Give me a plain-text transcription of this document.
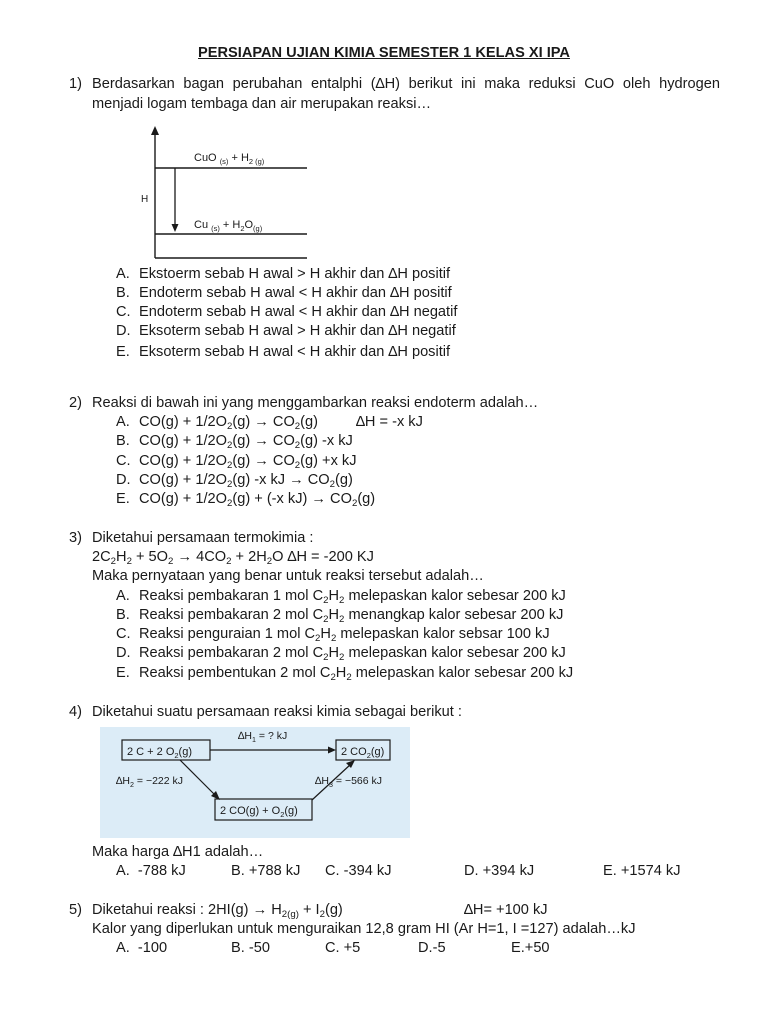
PERSIAPAN UJIAN KIMIA SEMESTER 1 KELAS XI IPA
1) Berdasarkan bagan perubahan entalphi (∆H) berikut ini maka reduksi CuO oleh hydrogen
menjadi logam tembaga dan air merupakan reaksi…
H
CuO $_{(s)} + H_2$ (g)
Cu $_{(s)} + H_2O_{(g)}$
A. Ekstoerm sebab H awal > H akhir dan ∆H positif
B. Endoterm sebab H awal < H akhir dan ∆H positif
C. Endoterm sebab H awal < H akhir dan ∆H negatif
D. Eksoterm sebab H awal > H akhir dan ∆H negatif
E. Eksoterm sebab H awal < H akhir dan ∆H positif
2) Reaksi di bawah ini yang menggambarkan reaksi endoterm adalah…
A. $CO(g) + 1/2O_2(g) \to CO_2(g)$	∆H = -x kJ
B. $CO(g) + 1/2O_2(g) \to CO_2(g)$ -x kJ
C. $CO(g) + 1/2O_2(g) \to CO_2(g) +x$ kJ
D. $CO(g) + 1/2O_2(g)$ -x kJ → $CO_2(g)$
E. $CO(g) + 1/2O_2(g) + (-x$ $kJ) \to CO_2(g)$
3) Diketahui persamaan termokimia :
$2C_2H_2 + 5O_2 \to 4CO_2 + 2H_2O$ ∆H = -200 KJ
Maka pernyataan yang benar untuk reaksi tersebut adalah…
A. Reaksi pembakaran 1 mol $C_2H_2$ melepaskan kalor sebesar 200 kJ
B. Reaksi pembakaran 2 mol $C_2H_2$ menangkap kalor sebesar 200 kJ
C. Reaksi penguraian 1 mol $C_2H_2$ melepaskan kalor sebsar 100 kJ
D. Reaksi pembakaran 2 mol $C_2H_2$ melepaskan kalor sebesar 200 kJ
E. Reaksi pembentukan 2 mol $C_2H_2$ melepaskan kalor sebesar 200 kJ
4) Diketahui suatu persamaan reaksi kimia sebagai berikut :
2 C + 2 $O_2(g)$	2 $CO_2(g)$
2 $CO(g) + O_2(g)$
$\Delta H_1$ = ? kJ
$\Delta H_2 = -222$ kJ	$\Delta H_3 = -566$ kJ
Maka harga ∆H1 adalah…
A. -788 kJ	B. +788 kJ C. -394 kJ	D. +394 kJ	E. +1574 kJ
5) Diketahui reaksi : $2HI(g) \to H_{2(g)} + I_2(g)$	∆H= +100 kJ
Kalor yang diperlukan untuk menguraikan 12,8 gram HI (Ar H=1, I =127) adalah…kJ
A. -100	B. -50	C. +5	D.-5	E.+50
